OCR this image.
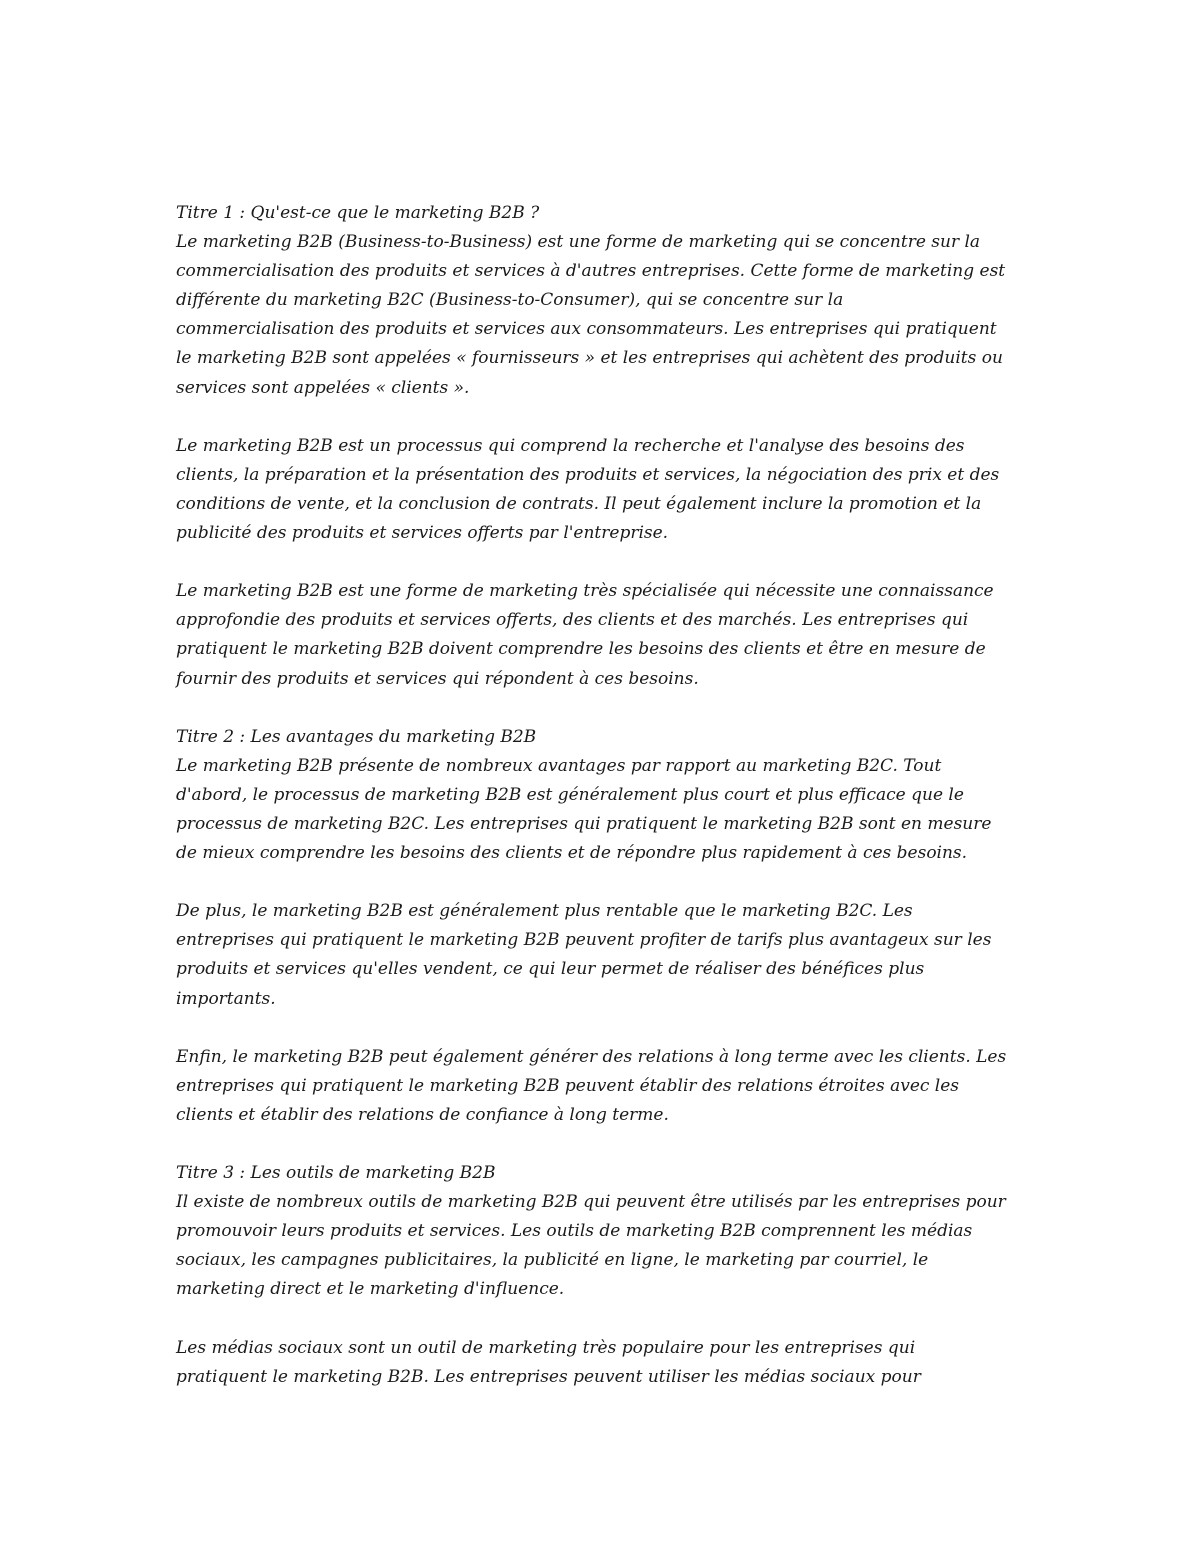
Titre 1 : Qu'est-ce que le marketing B2B ?
Le marketing B2B (Business-to-Business) est une forme de marketing qui se concentre sur la
commercialisation des produits et services à d'autres entreprises. Cette forme de marketing est
différente du marketing B2C (Business-to-Consumer), qui se concentre sur la
commercialisation des produits et services aux consommateurs. Les entreprises qui pratiquent
le marketing B2B sont appelées « fournisseurs » et les entreprises qui achètent des produits ou
services sont appelées « clients ».
Le marketing B2B est un processus qui comprend la recherche et l'analyse des besoins des
clients, la préparation et la présentation des produits et services, la négociation des prix et des
conditions de vente, et la conclusion de contrats. Il peut également inclure la promotion et la
publicité des produits et services offerts par l'entreprise.
Le marketing B2B est une forme de marketing très spécialisée qui nécessite une connaissance
approfondie des produits et services offerts, des clients et des marchés. Les entreprises qui
pratiquent le marketing B2B doivent comprendre les besoins des clients et être en mesure de
fournir des produits et services qui répondent à ces besoins.
Titre 2 : Les avantages du marketing B2B
Le marketing B2B présente de nombreux avantages par rapport au marketing B2C. Tout
d'abord, le processus de marketing B2B est généralement plus court et plus efficace que le
processus de marketing B2C. Les entreprises qui pratiquent le marketing B2B sont en mesure
de mieux comprendre les besoins des clients et de répondre plus rapidement à ces besoins.
De plus, le marketing B2B est généralement plus rentable que le marketing B2C. Les
entreprises qui pratiquent le marketing B2B peuvent profiter de tarifs plus avantageux sur les
produits et services qu'elles vendent, ce qui leur permet de réaliser des bénéfices plus
importants.
Enfin, le marketing B2B peut également générer des relations à long terme avec les clients. Les
entreprises qui pratiquent le marketing B2B peuvent établir des relations étroites avec les
clients et établir des relations de confiance à long terme.
Titre 3 : Les outils de marketing B2B
Il existe de nombreux outils de marketing B2B qui peuvent être utilisés par les entreprises pour
promouvoir leurs produits et services. Les outils de marketing B2B comprennent les médias
sociaux, les campagnes publicitaires, la publicité en ligne, le marketing par courriel, le
marketing direct et le marketing d'influence.
Les médias sociaux sont un outil de marketing très populaire pour les entreprises qui
pratiquent le marketing B2B. Les entreprises peuvent utiliser les médias sociaux pour
